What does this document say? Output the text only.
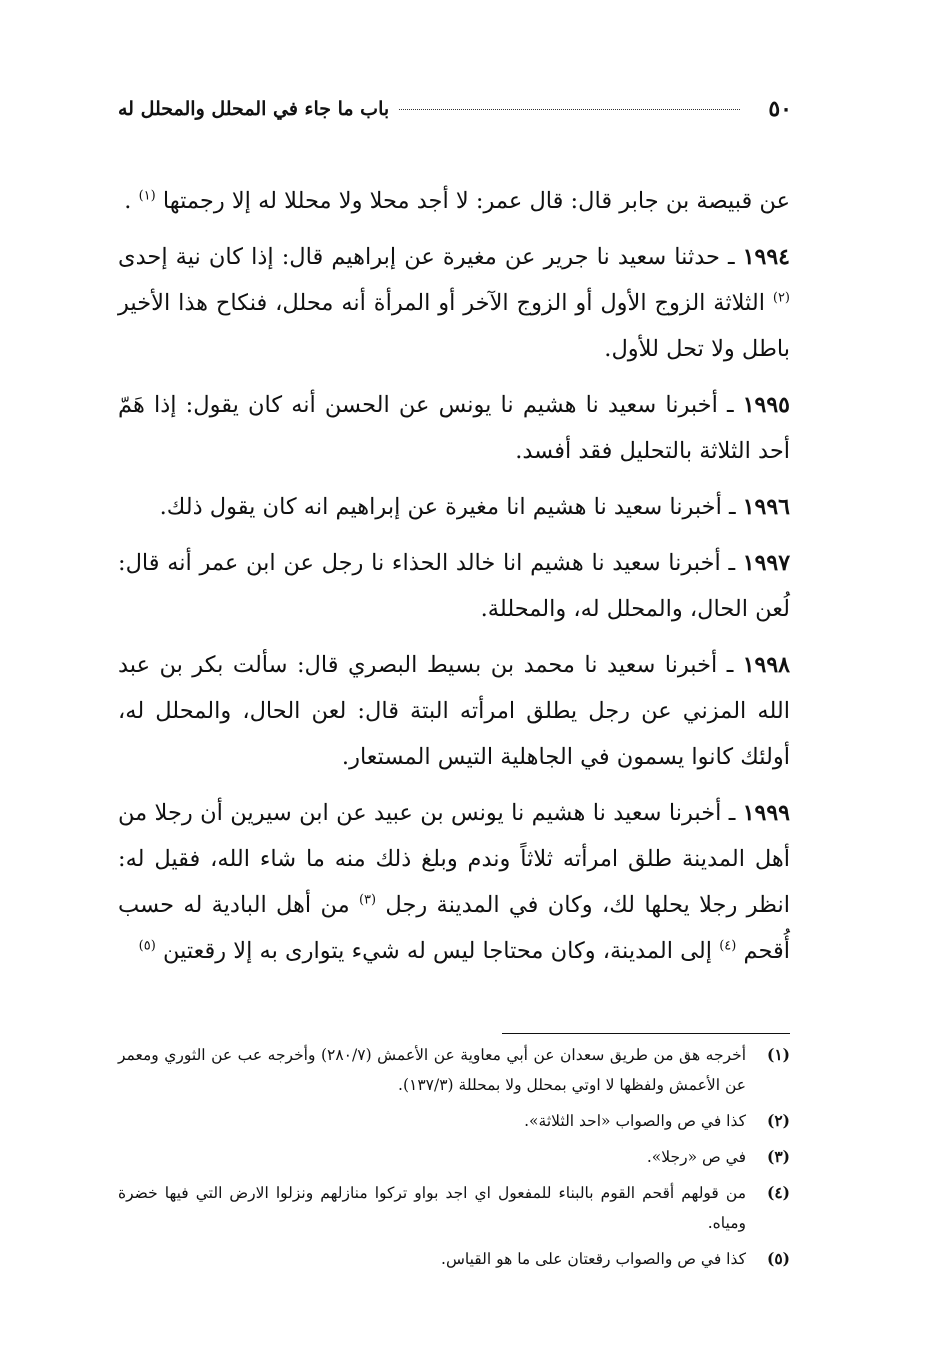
٥٠
باب ما جاء في المحلل والمحلل له

عن قبيصة بن جابر قال: قال عمر: لا أجد محلا ولا محللا له إلا رجمتها $^{(١)}$ .

١٩٩٤ ـ حدثنا سعيد نا جرير عن مغيرة عن إبراهيم قال: إذا كان نية إحدى $^{(٢)}$ الثلاثة الزوج الأول أو الزوج الآخر أو المرأة أنه محلل، فنكاح هذا الأخير باطل ولا تحل للأول.

١٩٩٥ ـ أخبرنا سعيد نا هشيم نا يونس عن الحسن أنه كان يقول: إذا هَمّ أحد الثلاثة بالتحليل فقد أفسد.

١٩٩٦ ـ أخبرنا سعيد نا هشيم انا مغيرة عن إبراهيم انه كان يقول ذلك.

١٩٩٧ ـ أخبرنا سعيد نا هشيم انا خالد الحذاء نا رجل عن ابن عمر أنه قال: لُعن الحال، والمحلل له، والمحللة.

١٩٩٨ ـ أخبرنا سعيد نا محمد بن بسيط البصري قال: سألت بكر بن عبد الله المزني عن رجل يطلق امرأته البتة قال: لعن الحال، والمحلل له، أولئك كانوا يسمون في الجاهلية التيس المستعار.

١٩٩٩ ـ أخبرنا سعيد نا هشيم نا يونس بن عبيد عن ابن سيرين أن رجلا من أهل المدينة طلق امرأته ثلاثاً وندم وبلغ ذلك منه ما شاء الله، فقيل له: انظر رجلا يحلها لك، وكان في المدينة رجل $^{(٣)}$ من أهل البادية له حسب أُقحم $^{(٤)}$ إلى المدينة، وكان محتاجا ليس له شيء يتوارى به إلا رقعتين $^{(٥)}$

(١)
أخرجه هق من طريق سعدان عن أبي معاوية عن الأعمش (٢٨٠/٧) وأخرجه عب عن الثوري ومعمر عن الأعمش ولفظها لا اوتي بمحلل ولا بمحللة (١٣٧/٣).
(٢)
كذا في ص والصواب «احد الثلاثة».
(٣)
في ص «رجلا».
(٤)
من قولهم أقحم القوم بالبناء للمفعول اي اجد بواو تركوا منازلهم ونزلوا الارض التي فيها خضرة ومياه.
(٥)
كذا في ص والصواب رقعتان على ما هو القياس.
